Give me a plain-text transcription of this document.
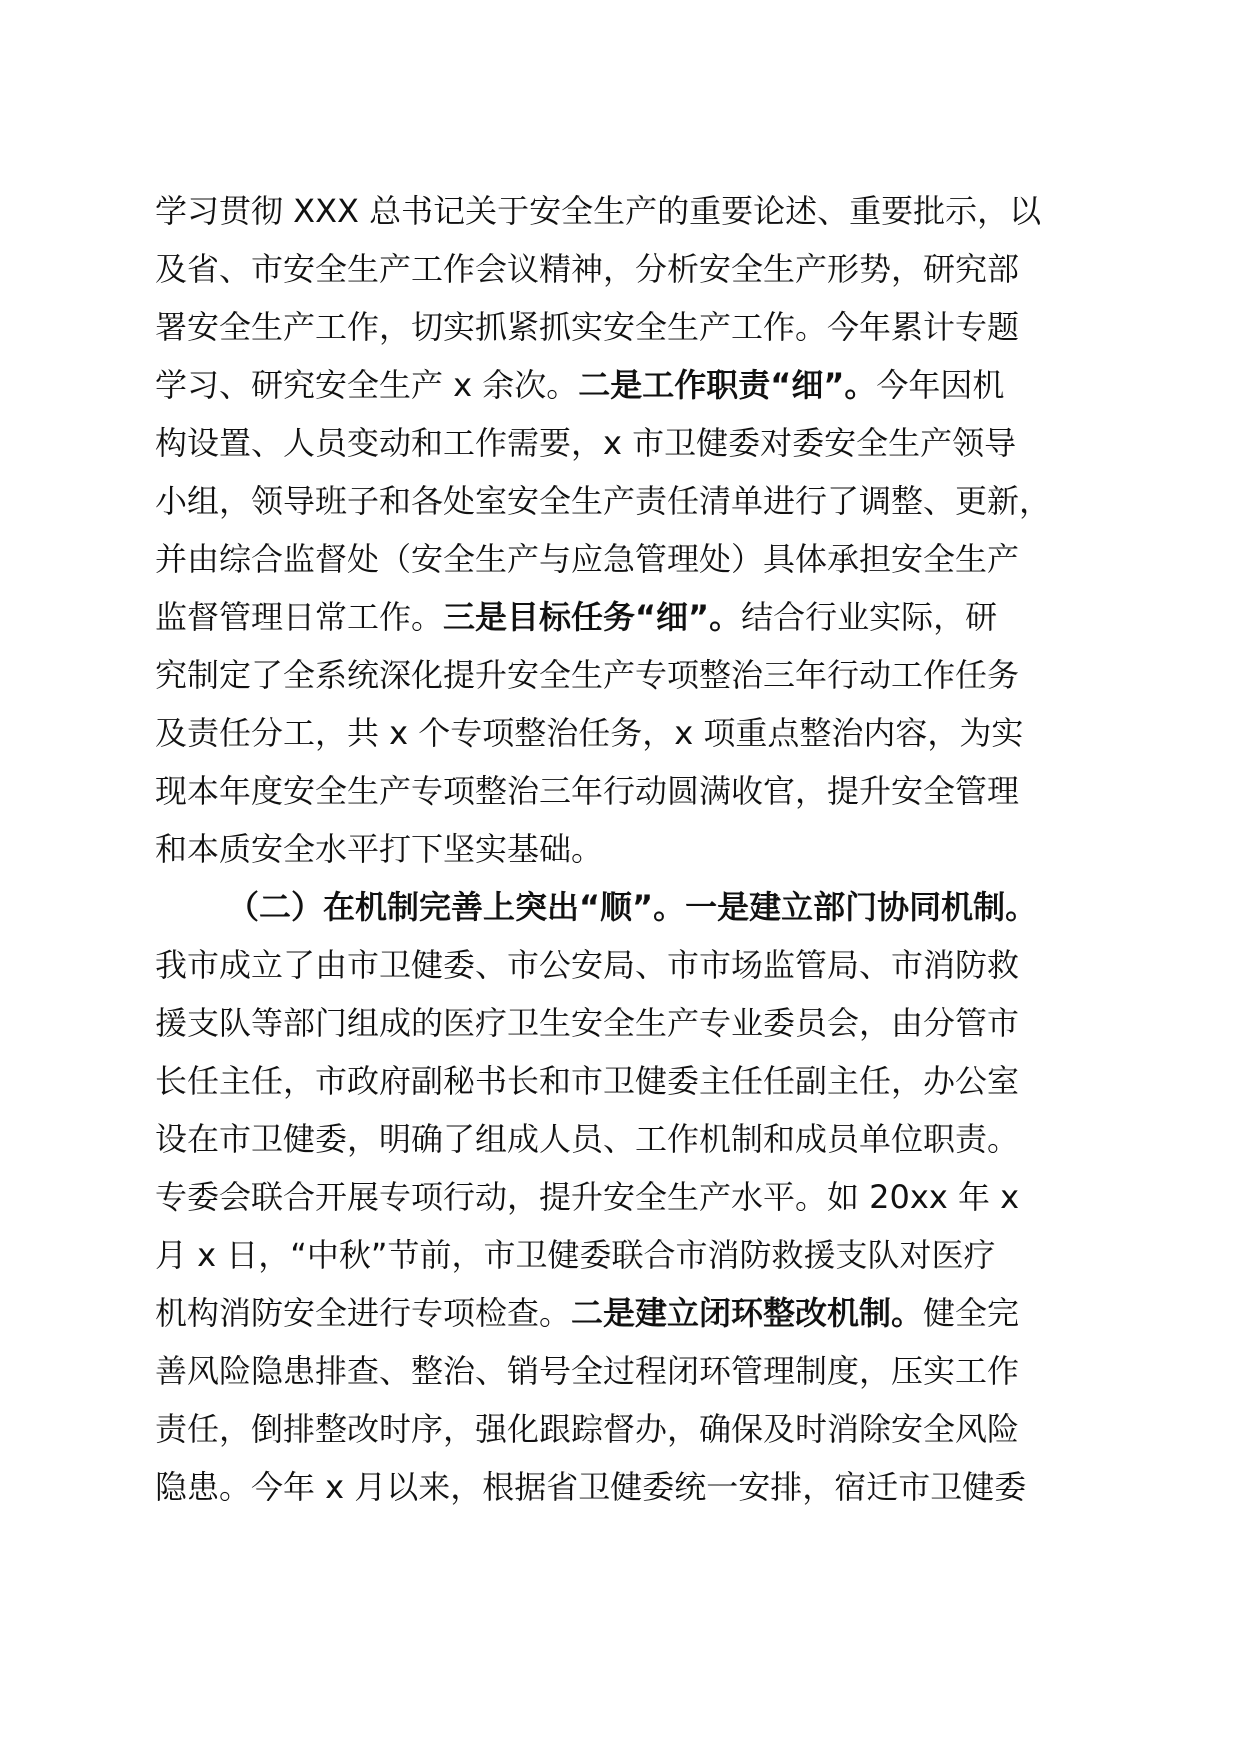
学习贯彻 XXX 总书记关于安全生产的重要论述、重要批示，以
及省、市安全生产工作会议精神，分析安全生产形势，研究部
署安全生产工作，切实抓紧抓实安全生产工作。今年累计专题
学习、研究安全生产 x 余次。二是工作职责“细”。今年因机
构设置、人员变动和工作需要，x 市卫健委对委安全生产领导
小组，领导班子和各处室安全生产责任清单进行了调整、更新，
并由综合监督处（安全生产与应急管理处）具体承担安全生产
监督管理日常工作。三是目标任务“细”。结合行业实际，研
究制定了全系统深化提升安全生产专项整治三年行动工作任务
及责任分工，共 x 个专项整治任务，x 项重点整治内容，为实
现本年度安全生产专项整治三年行动圆满收官，提升安全管理
和本质安全水平打下坚实基础。
（二）在机制完善上突出“顺”。一是建立部门协同机制。
我市成立了由市卫健委、市公安局、市市场监管局、市消防救
援支队等部门组成的医疗卫生安全生产专业委员会，由分管市
长任主任，市政府副秘书长和市卫健委主任任副主任，办公室
设在市卫健委，明确了组成人员、工作机制和成员单位职责。
专委会联合开展专项行动，提升安全生产水平。如 20xx 年 x
月 x 日，“中秋”节前，市卫健委联合市消防救援支队对医疗
机构消防安全进行专项检查。二是建立闭环整改机制。健全完
善风险隐患排查、整治、销号全过程闭环管理制度，压实工作
责任，倒排整改时序，强化跟踪督办，确保及时消除安全风险
隐患。今年 x 月以来，根据省卫健委统一安排，宿迁市卫健委
